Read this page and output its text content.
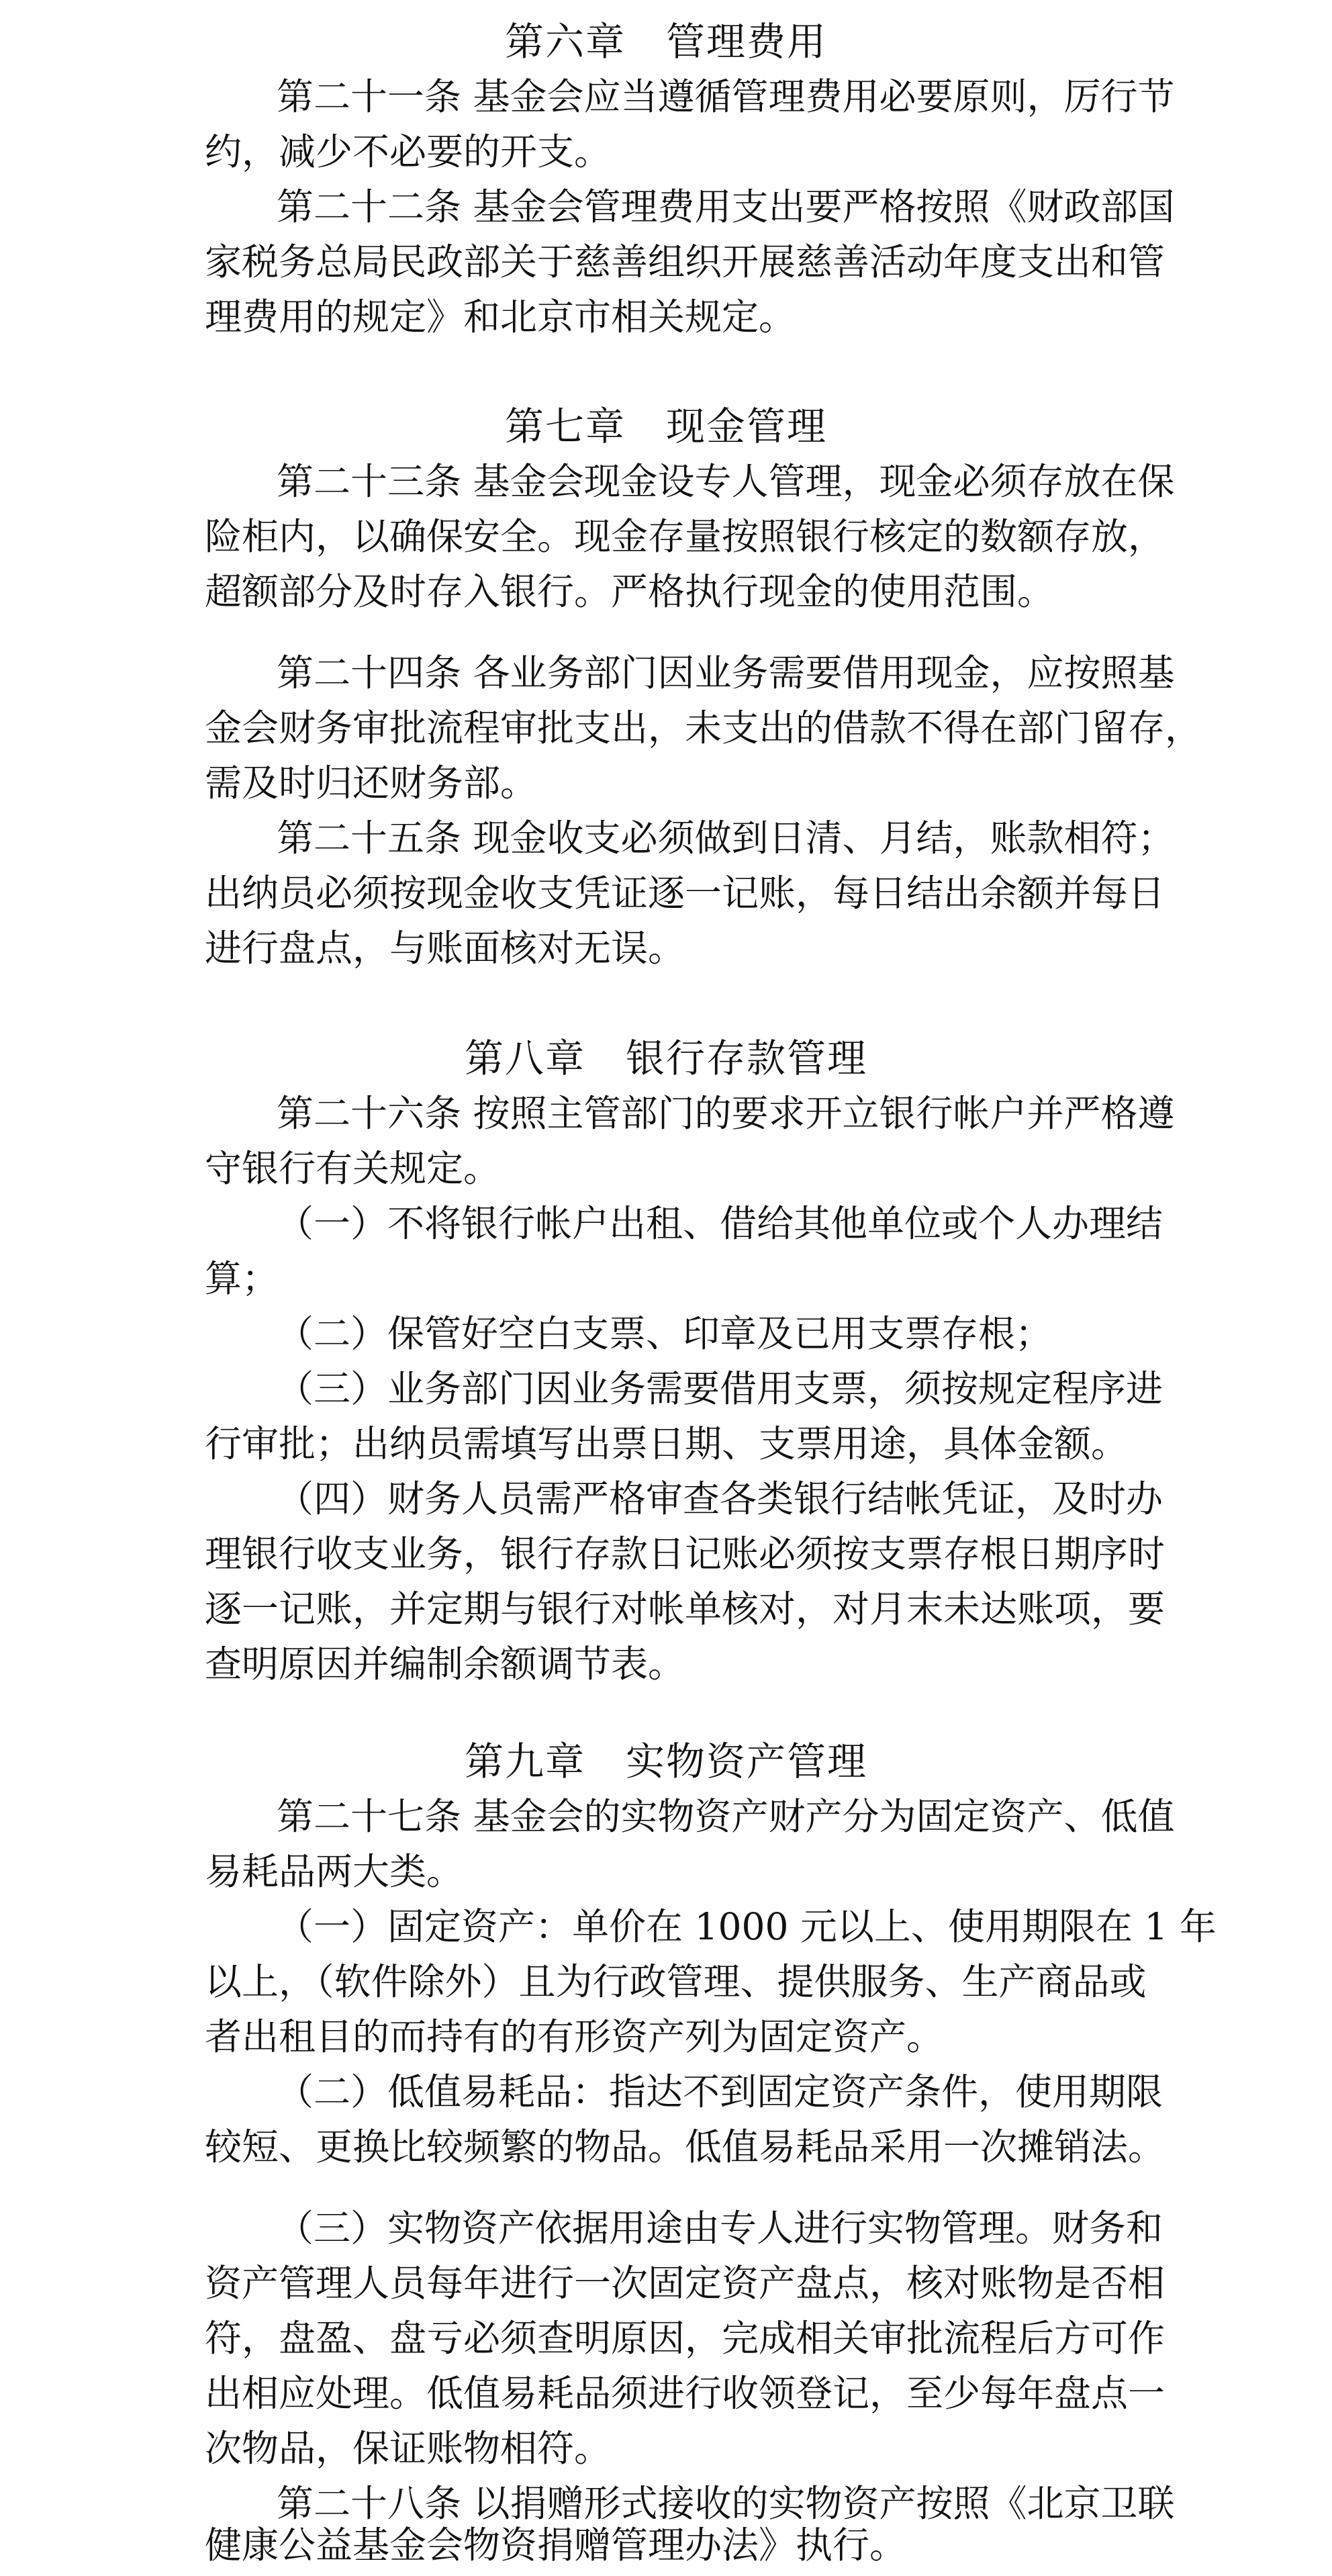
第六章　管理费用

第二十一条 基金会应当遵循管理费用必要原则，厉行节

约，减少不必要的开支。

第二十二条 基金会管理费用支出要严格按照《财政部国

家税务总局民政部关于慈善组织开展慈善活动年度支出和管

理费用的规定》和北京市相关规定。

第七章　现金管理

第二十三条 基金会现金设专人管理，现金必须存放在保

险柜内，以确保安全。现金存量按照银行核定的数额存放，

超额部分及时存入银行。严格执行现金的使用范围。

第二十四条 各业务部门因业务需要借用现金，应按照基

金会财务审批流程审批支出，未支出的借款不得在部门留存，

需及时归还财务部。

第二十五条 现金收支必须做到日清、月结，账款相符；

出纳员必须按现金收支凭证逐一记账，每日结出余额并每日

进行盘点，与账面核对无误。

第八章　银行存款管理

第二十六条 按照主管部门的要求开立银行帐户并严格遵

守银行有关规定。

（一）不将银行帐户出租、借给其他单位或个人办理结

算；

（二）保管好空白支票、印章及已用支票存根；

（三）业务部门因业务需要借用支票，须按规定程序进

行审批；出纳员需填写出票日期、支票用途，具体金额。

（四）财务人员需严格审查各类银行结帐凭证，及时办

理银行收支业务，银行存款日记账必须按支票存根日期序时

逐一记账，并定期与银行对帐单核对，对月末未达账项，要

查明原因并编制余额调节表。

第九章　实物资产管理

第二十七条 基金会的实物资产财产分为固定资产、低值

易耗品两大类。

（一）固定资产：单价在 1000 元以上、使用期限在 1 年

以上，（软件除外）且为行政管理、提供服务、生产商品或

者出租目的而持有的有形资产列为固定资产。

（二）低值易耗品：指达不到固定资产条件，使用期限

较短、更换比较频繁的物品。低值易耗品采用一次摊销法。

（三）实物资产依据用途由专人进行实物管理。财务和

资产管理人员每年进行一次固定资产盘点，核对账物是否相

符，盘盈、盘亏必须查明原因，完成相关审批流程后方可作

出相应处理。低值易耗品须进行收领登记，至少每年盘点一

次物品，保证账物相符。

第二十八条 以捐赠形式接收的实物资产按照《北京卫联

健康公益基金会物资捐赠管理办法》执行。
